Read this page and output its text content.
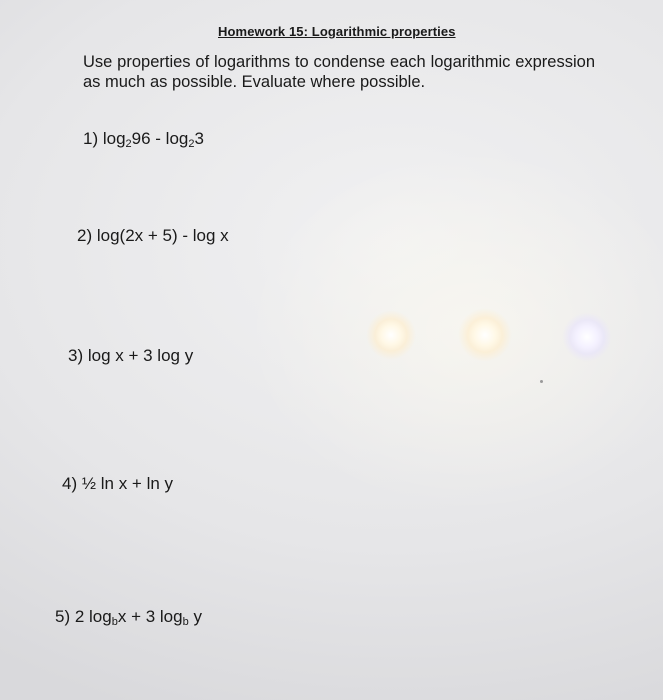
Homework 15: Logarithmic properties
Use properties of logarithms to condense each logarithmic expression as much as possible. Evaluate where possible.
1) $\log_296 - \log_23$
2) log(2x + 5) - log x
3) log x + 3 log y
4) ½ ln x + ln y
5) 2 $\log_bx + 3$ $\log_b y$
